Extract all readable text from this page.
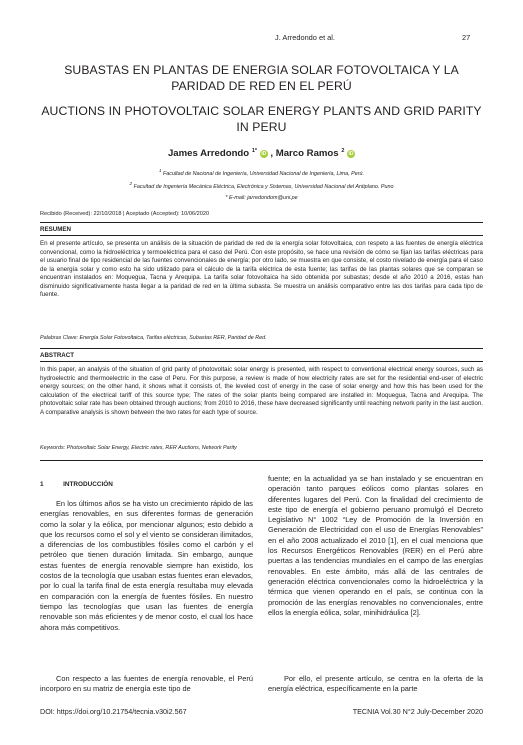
J. Arredondo et al.	27
SUBASTAS EN PLANTAS DE ENERGIA SOLAR FOTOVOLTAICA Y LA PARIDAD DE RED EN EL PERÚ
AUCTIONS IN PHOTOVOLTAIC SOLAR ENERGY PLANTS AND GRID PARITY IN PERU
James Arredondo $^{1*}$ iD , Marco Ramos $^2$ iD
$^1$ Facultad de Nacional de Ingeniería, Universidad Nacional de Ingeniería, Lima, Perú.
$^2$ Facultad de Ingeniería Mecánica Eléctrica, Electrónica y Sistemas, Universidad Nacional del Antiplano. Puno
* E-mail: jarredondom@uni.pe
Recibido (Received): 22/10/2018 | Aceptado (Accepted): 10/06/2020
RESUMEN
En el presente artículo, se presenta un análisis de la situación de paridad de red de la energía solar fotovoltaica, con respeto a las fuentes de energía eléctrica convencional, como la hidroeléctrica y termoeléctrica para el caso del Perú. Con este propósito, se hace una revisión de cómo se fijan las tarifas eléctricas para el usuario final de tipo residencial de las fuentes convencionales de energía; por otro lado, se muestra en que consiste, el costo nivelado de energía para el caso de la energía solar y como esto ha sido utilizado para el cálculo de la tarifa eléctrica de esta fuente; las tarifas de las plantas solares que se comparan se encuentran instalados en: Moquegua, Tacna y Arequipa. La tarifa solar fotovoltaica ha sido obtenida por subastas; desde el año 2010 a 2016, estas han disminuido significativamente hasta llegar a la paridad de red en la última subasta. Se muestra un análisis comparativo entre las dos tarifas para cada tipo de fuente.
Palabras Clave: Energía Solar Fotovoltaica, Tarifas eléctricas, Subastas RER, Paridad de Red.
ABSTRACT
In this paper, an analysis of the situation of grid parity of photovoltaic solar energy is presented, with respect to conventional electrical energy sources, such as hydroelectric and thermoelectric in the case of Peru. For this purpose, a review is made of how electricity rates are set for the residential end-user of electric energy sources; on the other hand, it shows what it consists of, the leveled cost of energy in the case of solar energy and how this has been used for the calculation of the electrical tariff of this source type; The rates of the solar plants being compared are installed in: Moquegua, Tacna and Arequipa. The photovoltaic solar rate has been obtained through auctions; from 2010 to 2016, these have decreased significantly until reaching network parity in the last auction. A comparative analysis is shown between the two rates for each type of source.
Keywords: Photovoltaic Solar Energy, Electric rates, RER Auctions, Network Parity
1	INTRODUCCIÓN

En los últimos años se ha visto un crecimiento rápido de las energías renovables, en sus diferentes formas de generación como la solar y la eólica, por mencionar algunos; esto debido a que los recursos como el sol y el viento se consideran ilimitados, a diferencias de los combustibles fósiles como el carbón y el petróleo que tienen duración limitada. Sin embargo, aunque estas fuentes de energía renovable siempre han existido, los costos de la tecnología que usaban estas fuentes eran elevados, por lo cual la tarifa final de esta energía resultaba muy elevada en comparación con la energía de fuentes fósiles. En nuestro tiempo las tecnologías que usan las fuentes de energía renovable son más eficientes y de menor costo, el cual los hace ahora más competitivos.

Con respecto a las fuentes de energía renovable, el Perú incorporo en su matriz de energía este tipo de

fuente; en la actualidad ya se han instalado y se encuentran en operación tanto parques eólicos como plantas solares en diferentes lugares del Perú. Con la finalidad del crecimiento de este tipo de energía el gobierno peruano promulgó el Decreto Legislativo N° 1002 “Ley de Promoción de la Inversión en Generación de Electricidad con el uso de Energías Renovables” en el año 2008 actualizado el 2010 [1], en el cual menciona que los Recursos Energéticos Renovables (RER) en el Perú abre puertas a las tendencias mundiales en el campo de las energías renovables. En este ámbito, más allá de las centrales de generación eléctrica convencionales como la hidroeléctrica y la térmica que vienen operando en el país, se continua con la promoción de las energías renovables no convencionales, entre ellos la energía eólica, solar, minihidráulica [2].

Por ello, el presente artículo, se centra en la oferta de la energía eléctrica, específicamente en la parte

DOI: https://doi.org/10.21754/tecnia.v30i2.567	TECNIA Vol.30 N°2 July-December 2020
